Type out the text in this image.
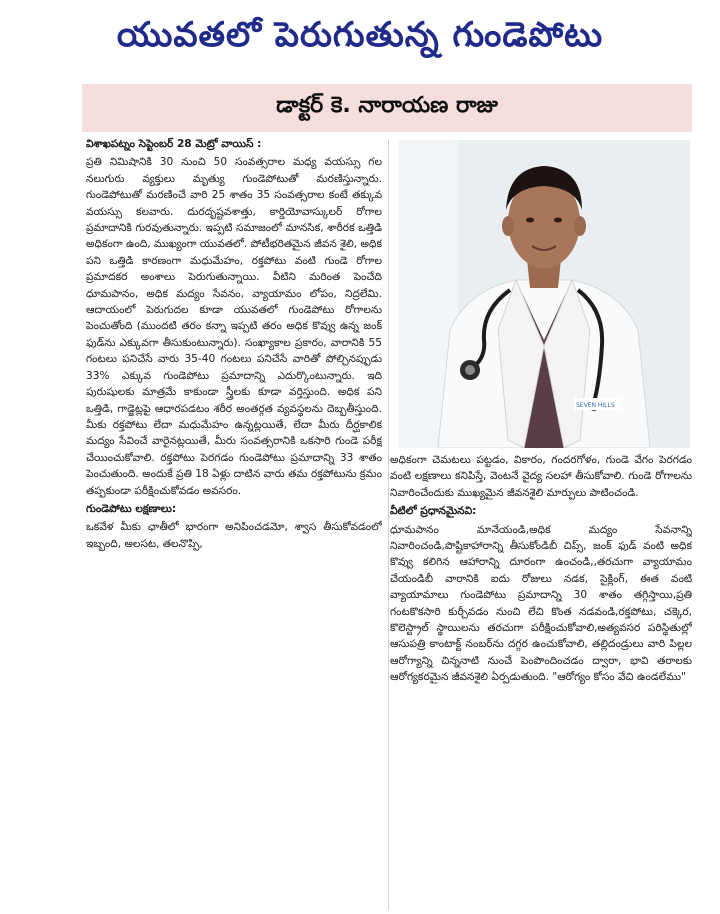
యువతలో పెరుగుతున్న గుండెపోటు
డాక్టర్ కె. నారాయణ రాజు

విశాఖపట్నం సెప్టెంబర్ 28 మెట్రో వాయిస్ :

ప్రతి నిమిషానికి 30 నుంచి 50 సంవత్సరాల మధ్య వయస్సు గల నలుగురు వ్యక్తులు మృత్యు గుండెపోటుతో మరణిస్తున్నారు. గుండెపోటుతో మరణించే వారి 25 శాతం 35 సంవత్సరాల కంటే తక్కువ వయస్సు కలవారు. దురదృష్టవశాత్తు, కార్డియోవాస్కులర్ రోగాల ప్రమాదానికి గురవుతున్నారు. ఇప్పటి సమాజంలో మానసిక, శారీరక ఒత్తిడి అధికంగా ఉంది, ముఖ్యంగా యువతలో. పోటీభరితమైన జీవన శైలి, అధిక పని ఒత్తిడి కారణంగా మధుమేహం, రక్తపోటు వంటి గుండె రోగాల ప్రమాదకర అంశాలు పెరుగుతున్నాయి. వీటిని మరింత పెంచేది ధూమపానం, అధిక మద్యం సేవనం, వ్యాయామం లోపం, నిద్రలేమి. ఆదాయంలో పెరుగుదల కూడా యువతలో గుండెపోటు రోగాలను పెంచుతోంది (ముందటి తరం కన్నా ఇప్పటి తరం అధిక కొవ్వు ఉన్న జంక్ ఫుడ్‌ను ఎక్కువగా తీసుకుంటున్నారు). సంఖ్యాకాల ప్రకారం, వారానికి 55 గంటలు పనిచేసే వారు 35-40 గంటలు పనిచేసే వారితో పోల్చినప్పుడు 33% ఎక్కువ గుండెపోటు ప్రమాదాన్ని ఎదుర్కొంటున్నారు. ఇది పురుషులకు మాత్రమే కాకుండా స్త్రీలకు కూడా వర్తిస్తుంది. అధిక పని ఒత్తిడి, గాడ్జెట్లపై ఆధారపడటం శరీర అంతర్గత వ్యవస్థలను దెబ్బతీస్తుంది. మీకు రక్తపోటు లేదా మధుమేహం ఉన్నట్లయితే, లేదా మీరు దీర్ఘకాలిక మద్యం సేవించే వారైనట్లయితే, మీరు సంవత్సరానికి ఒకసారి గుండె పరీక్ష చేయించుకోవాలి. రక్తపోటు పెరగడం గుండెపోటు ప్రమాదాన్ని 33 శాతం పెంచుతుంది. అందుకే ప్రతి 18 ఏళ్లు దాటిన వారు తమ రక్తపోటును క్రమం తప్పకుండా పరీక్షించుకోవడం అవసరం.

గుండెపోటు లక్షణాలు:

ఒకవేళ మీకు ఛాతీలో భారంగా అనిపించడమో, శ్వాస తీసుకోవడంలో ఇబ్బంది, అలసట, తలనొప్పి,

SEVEN HILLS

అధికంగా చెమటలు పట్టడం, వికారం, గందరగోళం, గుండె వేగం పెరగడం వంటి లక్షణాలు కనిపిస్తే, వెంటనే వైద్య సలహా తీసుకోవాలి. గుండె రోగాలను నివారించేందుకు ముఖ్యమైన జీవనశైలి మార్పులు పాటించండి.

వీటిలో ప్రధానమైనవి:

ధూమపానం మానేయండి,అధిక మద్యం సేవనాన్ని నివారించండి,పొష్టికాహారాన్ని తీసుకోండిబీ చిప్స్, జంక్ ఫుడ్ వంటి అధిక కొవ్వు కలిగిన ఆహారాన్ని దూరంగా ఉంచండి,,తరచుగా వ్యాయామం చేయండిబీ వారానికి ఐదు రోజులు నడక, సైక్లింగ్, ఈత వంటి వ్యాయామాలు గుండెపోటు ప్రమాదాన్ని 30 శాతం తగ్గిస్తాయి,ప్రతి గంటకొకసారి కుర్చీవడం నుంచి లేచి కొంత నడవండి,రక్తపోటు, చక్కెర, కొలెస్ట్రాల్ స్థాయిలను తరచుగా పరీక్షించుకోవాలి,అత్యవసర పరిస్థితుల్లో ఆసుపత్రి కాంటాక్ట్ నంబర్‌ను దగ్గర ఉంచుకోవాలి, తల్లిదండ్రులు వారి పిల్లల ఆరోగ్యాన్ని చిన్ననాటి నుంచే పెంపొందించడం ద్వారా, భావి తరాలకు ఆరోగ్యకరమైన జీవనశైలి ఏర్పడుతుంది. "ఆరోగ్యం కోసం వేచి ఉండలేము"
